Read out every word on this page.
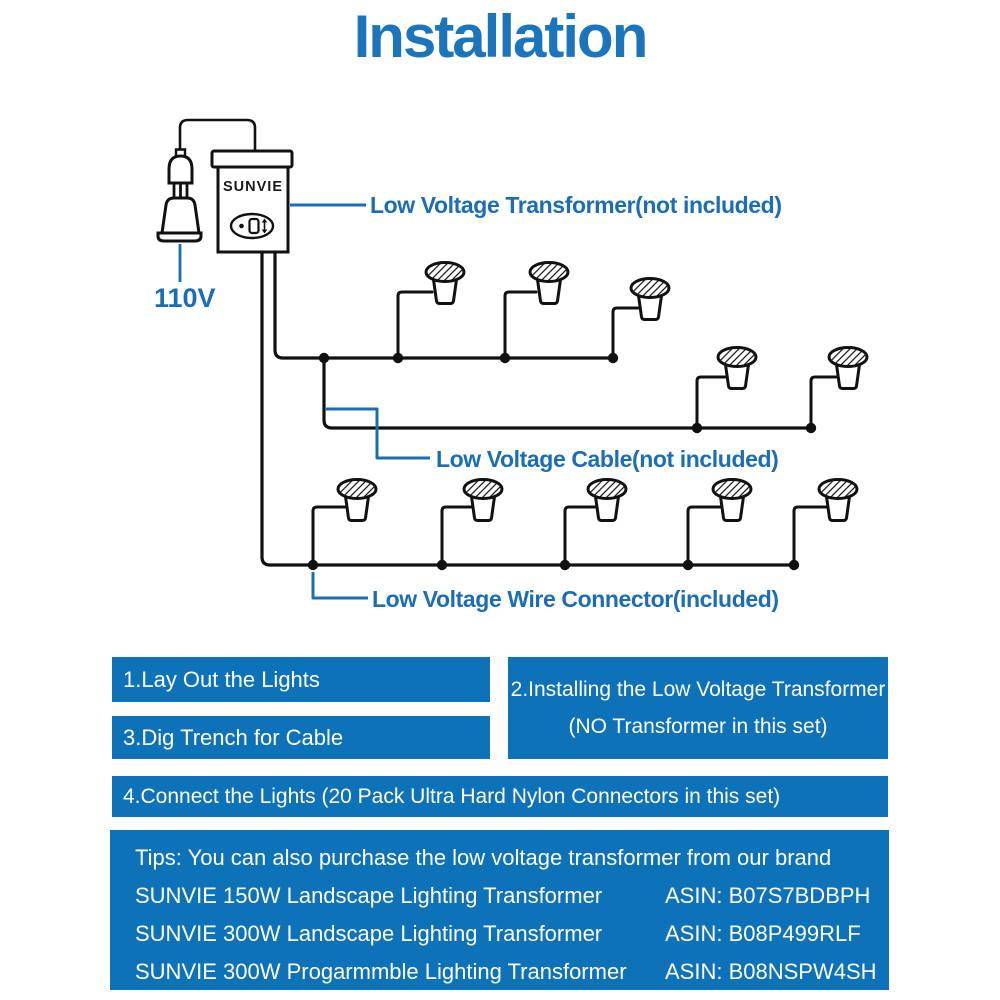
Installation
SUNVIE
110V
Low Voltage Transformer(not included)
Low Voltage Cable(not included)
Low Voltage Wire Connector(included)
1.Lay Out the Lights	2.Installing the Low Voltage Transformer
(NO Transformer in this set)
3.Dig Trench for Cable
4.Connect the Lights (20 Pack Ultra Hard Nylon Connectors in this set)
Tips: You can also purchase the low voltage transformer from our brand
SUNVIE 150W Landscape Lighting Transformer	ASIN: B07S7BDBPH
SUNVIE 300W Landscape Lighting Transformer	ASIN: B08P499RLF
SUNVIE 300W Progarmmble Lighting Transformer	ASIN: B08NSPW4SH
